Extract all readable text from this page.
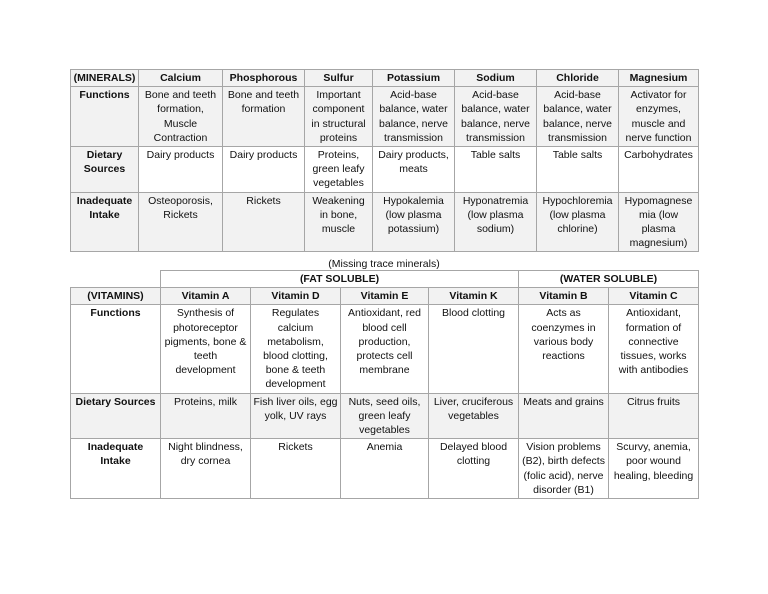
(MINERALS)	Calcium	Phosphorous	Sulfur	Potassium	Sodium	Chloride	Magnesium
Functions	Bone and teeth formation, Muscle Contraction	Bone and teeth formation	Important component in structural proteins	Acid-base balance, water balance, nerve transmission	Acid-base balance, water balance, nerve transmission	Acid-base balance, water balance, nerve transmission	Activator for enzymes, muscle and nerve function
Dietary Sources	Dairy products	Dairy products	Proteins, green leafy vegetables	Dairy products, meats	Table salts	Table salts	Carbohydrates
Inadequate Intake	Osteoporosis, Rickets	Rickets	Weakening in bone, muscle	Hypokalemia (low plasma potassium)	Hyponatremia (low plasma sodium)	Hypochloremia (low plasma chlorine)	Hypomagnesemia (low plasma magnesium)
(Missing trace minerals)
	(FAT SOLUBLE)				(WATER SOLUBLE)	
(VITAMINS)	Vitamin A	Vitamin D	Vitamin E	Vitamin K	Vitamin B	Vitamin C
Functions	Synthesis of photoreceptor pigments, bone & teeth development	Regulates calcium metabolism, blood clotting, bone & teeth development	Antioxidant, red blood cell production, protects cell membrane	Blood clotting	Acts as coenzymes in various body reactions	Antioxidant, formation of connective tissues, works with antibodies
Dietary Sources	Proteins, milk	Fish liver oils, egg yolk, UV rays	Nuts, seed oils, green leafy vegetables	Liver, cruciferous vegetables	Meats and grains	Citrus fruits
Inadequate Intake	Night blindness, dry cornea	Rickets	Anemia	Delayed blood clotting	Vision problems (B2), birth defects (folic acid), nerve disorder (B1)	Scurvy, anemia, poor wound healing, bleeding
